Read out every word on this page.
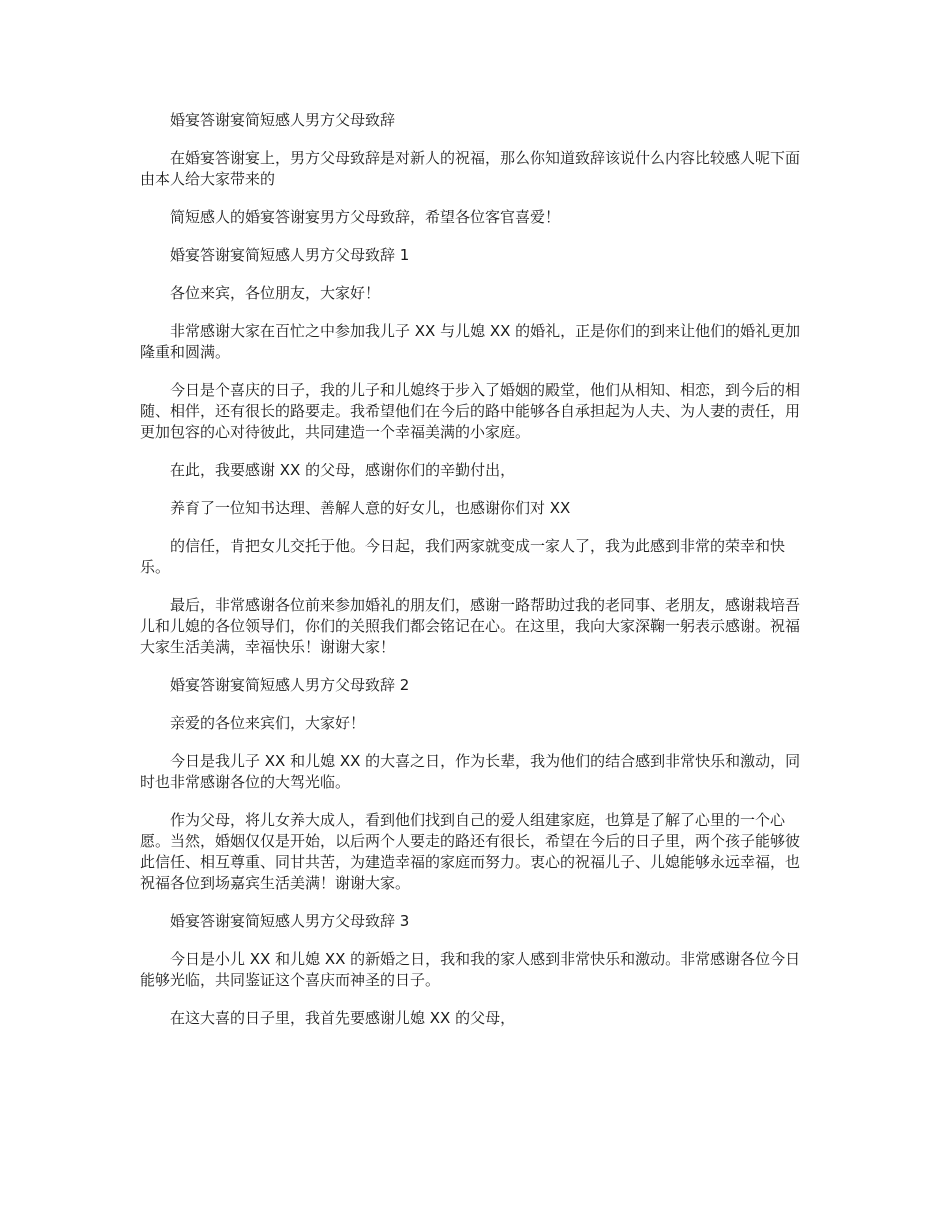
婚宴答谢宴简短感人男方父母致辞

在婚宴答谢宴上，男方父母致辞是对新人的祝福，那么你知道致辞该说什么内容比较感人呢下面由本人给大家带来的

简短感人的婚宴答谢宴男方父母致辞，希望各位客官喜爱！

婚宴答谢宴简短感人男方父母致辞 1

各位来宾，各位朋友，大家好！

非常感谢大家在百忙之中参加我儿子 XX 与儿媳 XX 的婚礼，正是你们的到来让他们的婚礼更加隆重和圆满。

今日是个喜庆的日子，我的儿子和儿媳终于步入了婚姻的殿堂，他们从相知、相恋，到今后的相随、相伴，还有很长的路要走。我希望他们在今后的路中能够各自承担起为人夫、为人妻的责任，用更加包容的心对待彼此，共同建造一个幸福美满的小家庭。

在此，我要感谢 XX 的父母，感谢你们的辛勤付出，

养育了一位知书达理、善解人意的好女儿，也感谢你们对 XX

的信任，肯把女儿交托于他。今日起，我们两家就变成一家人了，我为此感到非常的荣幸和快乐。

最后，非常感谢各位前来参加婚礼的朋友们，感谢一路帮助过我的老同事、老朋友，感谢栽培吾儿和儿媳的各位领导们，你们的关照我们都会铭记在心。在这里，我向大家深鞠一躬表示感谢。祝福大家生活美满，幸福快乐！谢谢大家！

婚宴答谢宴简短感人男方父母致辞 2

亲爱的各位来宾们，大家好！

今日是我儿子 XX 和儿媳 XX 的大喜之日，作为长辈，我为他们的结合感到非常快乐和激动，同时也非常感谢各位的大驾光临。

作为父母，将儿女养大成人，看到他们找到自己的爱人组建家庭，也算是了解了心里的一个心愿。当然，婚姻仅仅是开始，以后两个人要走的路还有很长，希望在今后的日子里，两个孩子能够彼此信任、相互尊重、同甘共苦，为建造幸福的家庭而努力。衷心的祝福儿子、儿媳能够永远幸福，也祝福各位到场嘉宾生活美满！谢谢大家。

婚宴答谢宴简短感人男方父母致辞 3

今日是小儿 XX 和儿媳 XX 的新婚之日，我和我的家人感到非常快乐和激动。非常感谢各位今日能够光临，共同鉴证这个喜庆而神圣的日子。

在这大喜的日子里，我首先要感谢儿媳 XX 的父母，
